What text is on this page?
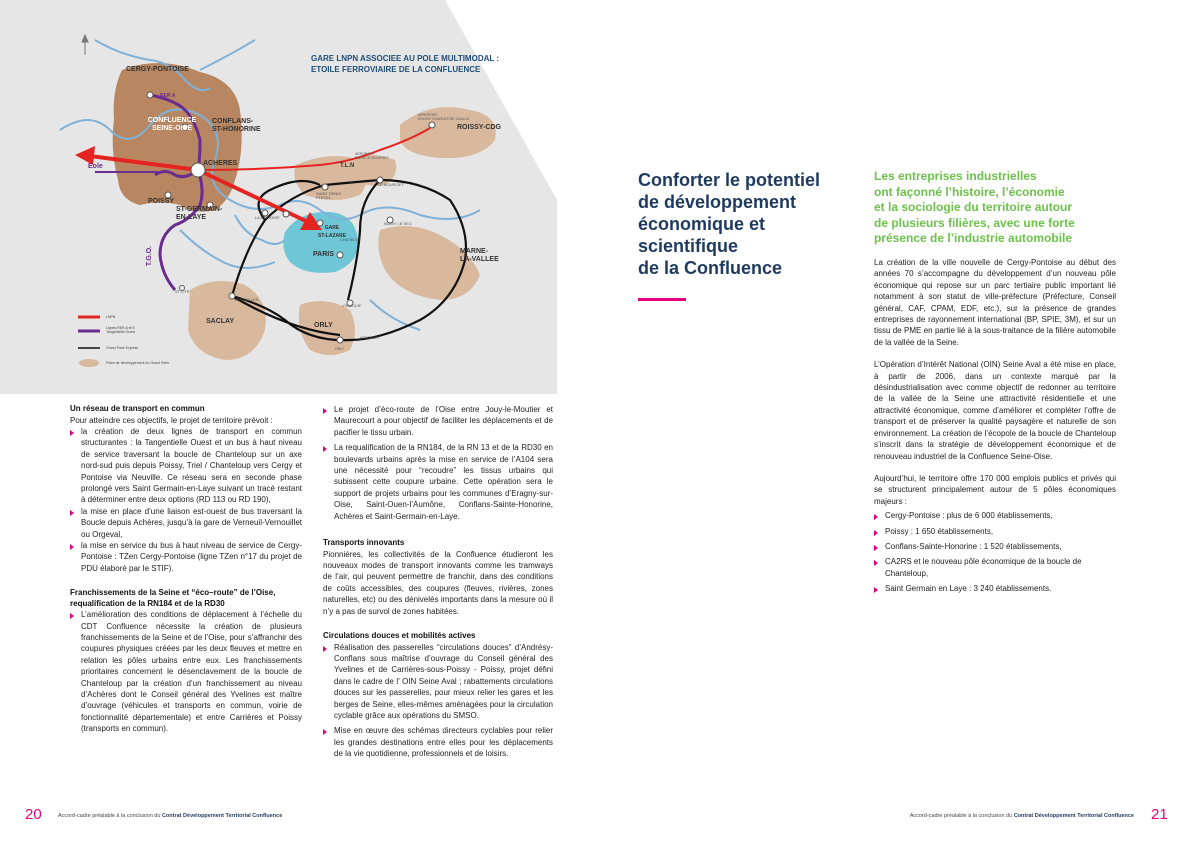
GARE LNPN ASSOCIEE AU POLE MULTIMODAL :
ETOILE FERROVIAIRE DE LA CONFLUENCE
CERGY-PONTOISE
RER A
CONFLUENCE
SEINE-OISE
CONFLANS-
ST-HONORINE
Eole	ACHERES
POISSY
ST-GERMAIN-
EN-LAYE
T.G.O.
T.L.N
ROISSY-CDG
AEROPORT
ROISSY CHARLES DE GAULLE
AEROPORT
PARIS LE BOURGET
LE BOURGET
SAINT DENIS
PLEYEL
NOISY LE SEC
LA DEFENSE
GARE
ST-LAZARE
CHATELET
PARIS	MARNE-
LA-VALLEE
ST CYR
VERSAILLES
SACLAY
VILLEJUIF
ORLY
ORLY
AEROPORT
LNPN
Lignes RER A et E
Tangentielle Ouest
Grand Paris Express
Pôles de développement du Grand Paris
Un réseau de transport en commun

Pour atteindre ces objectifs, le projet de territoire prévoit :

la création de deux lignes de transport en commun structurantes : la Tangentielle Ouest et un bus à haut niveau de service traversant la boucle de Chanteloup sur un axe nord-sud puis depuis Poissy, Triel / Chanteloup vers Cergy et Pontoise via Neuville. Ce réseau sera en seconde phase prolongé vers Saint Germain-en-Laye suivant un tracé restant à déterminer entre deux options (RD 113 ou RD 190),
la mise en place d’une liaison est-ouest de bus traversant la Boucle depuis Achères, jusqu’à la gare de Verneuil-Vernouillet ou Orgeval,
la mise en service du bus à haut niveau de service de Cergy-Pontoise : TZen Cergy-Pontoise (ligne TZen n°17 du projet de PDU élaboré par le STIF).
Franchissements de la Seine et “éco–route” de l’Oise, requalification de la RN184 et de la RD30
L’amélioration des conditions de déplacement à l’échelle du CDT Confluence nécessite la création de plusieurs franchissements de la Seine et de l’Oise, pour s’affranchir des coupures physiques créées par les deux fleuves et mettre en relation les pôles urbains entre eux. Les franchissements prioritaires concernent le désenclavement de la boucle de Chanteloup par la création d’un franchissement au niveau d’Achères dont le Conseil général des Yvelines est maître d’ouvrage (véhicules et transports en commun, voirie de fonctionnalité départementale) et entre Carrières et Poissy (transports en commun).
Le projet d’éco-route de l’Oise entre Jouy-le-Moutier et Maurecourt a pour objectif de faciliter les déplacements et de pacifier le tissu urbain.
La requalification de la RN184, de la RN 13 et de la RD30 en boulevards urbains après la mise en service de l’A104 sera une nécessité pour “recoudre” les tissus urbains qui subissent cette coupure urbaine. Cette opération sera le support de projets urbains pour les communes d’Eragny-sur-Oise, Saint-Ouen-l’Aumône, Conflans-Sainte-Honorine, Achères et Saint-Germain-en-Laye.
Transports innovants

Pionnières, les collectivités de la Confluence étudieront les nouveaux modes de transport innovants comme les tramways de l’air, qui peuvent permettre de franchir, dans des conditions de coûts accessibles, des coupures (fleuves, rivières, zones naturelles, etc) ou des dénivelés importants dans la mesure où il n’y a pas de survol de zones habitées.

Circulations douces et mobilités actives
Réalisation des passerelles “circulations douces” d’Andrésy-Conflans sous maîtrise d’ouvrage du Conseil général des Yvelines et de Carrières-sous-Poissy - Poissy, projet défini dans le cadre de l’ OIN Seine Aval ; rabattements circulations douces sur les passerelles, pour mieux relier les gares et les berges de Seine, elles-mêmes aménagées pour la circulation cyclable grâce aux opérations du SMSO.
Mise en œuvre des schémas directeurs cyclables pour relier les grandes destinations entre elles pour les déplacements de la vie quotidienne, professionnels et de loisirs.
Conforter le potentiel
de développement
économique et
scientifique
de la Confluence
Les entreprises industrielles
ont façonné l’histoire, l’économie
et la sociologie du territoire autour
de plusieurs filières, avec une forte
présence de l’industrie automobile

La création de la ville nouvelle de Cergy-Pontoise au début des années 70 s’accompagne du développement d’un nouveau pôle économique qui repose sur un parc tertiaire public important lié notamment à son statut de ville-préfecture (Préfecture, Conseil général, CAF, CPAM, EDF, etc.), sur la présence de grandes entreprises de rayonnement international (BP, SPIE, 3M), et sur un tissu de PME en partie lié à la sous-traitance de la filière automobile de la vallée de la Seine.

L’Opération d’Intérêt National (OIN) Seine Aval a été mise en place, à partir de 2006, dans un contexte marqué par la désindustrialisation avec comme objectif de redonner au territoire de la vallée de la Seine une attractivité résidentielle et une attractivité économique, comme d’améliorer et compléter l’offre de transport et de préserver la qualité paysagère et naturelle de son environnement. La création de l’écopole de la boucle de Chanteloup s’inscrit dans la stratégie de développement économique et de renouveau industriel de la Confluence Seine-Oise.

Aujourd’hui, le territoire offre 170 000 emplois publics et privés qui se structurent principalement autour de 5 pôles économiques majeurs :

Cergy-Pontoise : plus de 6 000 établissements,
Poissy : 1 650 établissements,
Conflans-Sainte-Honorine : 1 520 établissements,
CA2RS et le nouveau pôle économique de la boucle de Chanteloup,
Saint Germain en Laye : 3 240 établissements.
20	Accord-cadre préalable à la conclusion du Contrat Développement Territorial Confluence	Accord-cadre préalable à la conclusion du Contrat Développement Territorial Confluence 21
